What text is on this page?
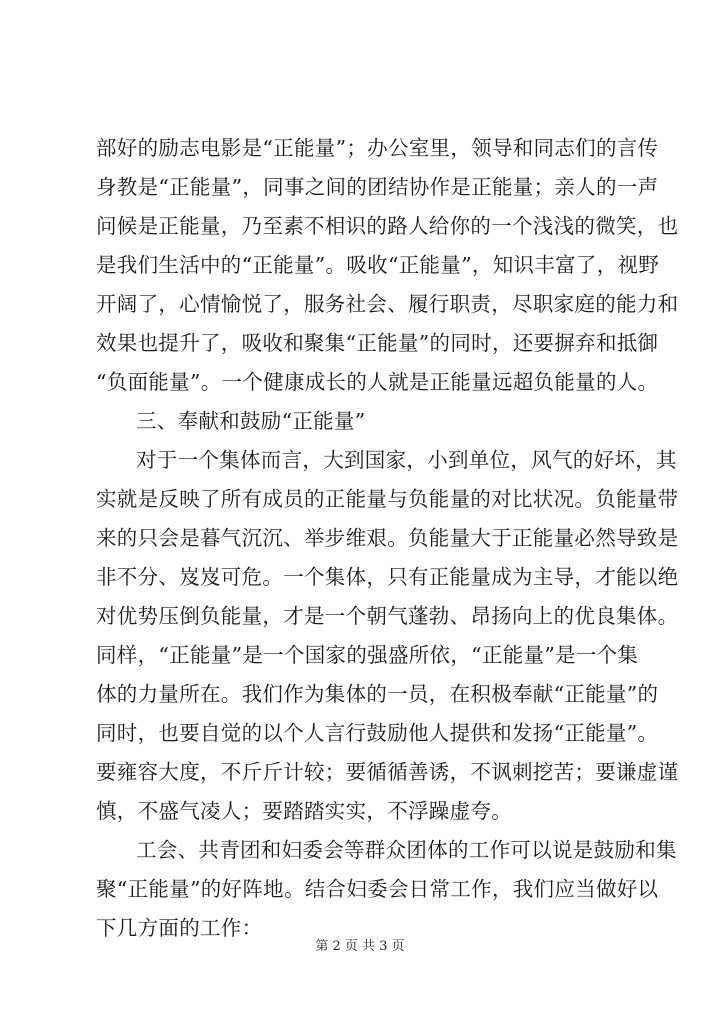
部好的励志电影是“正能量”；办公室里，领导和同志们的言传
身教是“正能量”，同事之间的团结协作是正能量；亲人的一声
问候是正能量，乃至素不相识的路人给你的一个浅浅的微笑，也
是我们生活中的“正能量”。吸收“正能量”，知识丰富了，视野
开阔了，心情愉悦了，服务社会、履行职责，尽职家庭的能力和
效果也提升了，吸收和聚集“正能量”的同时，还要摒弃和抵御
“负面能量”。一个健康成长的人就是正能量远超负能量的人。
三、奉献和鼓励“正能量”
对于一个集体而言，大到国家，小到单位，风气的好坏，其
实就是反映了所有成员的正能量与负能量的对比状况。负能量带
来的只会是暮气沉沉、举步维艰。负能量大于正能量必然导致是
非不分、岌岌可危。一个集体，只有正能量成为主导，才能以绝
对优势压倒负能量，才是一个朝气蓬勃、昂扬向上的优良集体。
同样，“正能量”是一个国家的强盛所依，“正能量”是一个集
体的力量所在。我们作为集体的一员，在积极奉献“正能量”的
同时，也要自觉的以个人言行鼓励他人提供和发扬“正能量”。
要雍容大度，不斤斤计较；要循循善诱，不讽刺挖苦；要谦虚谨
慎，不盛气凌人；要踏踏实实，不浮躁虚夸。
工会、共青团和妇委会等群众团体的工作可以说是鼓励和集
聚“正能量”的好阵地。结合妇委会日常工作，我们应当做好以
下几方面的工作：
第 2 页 共 3 页
